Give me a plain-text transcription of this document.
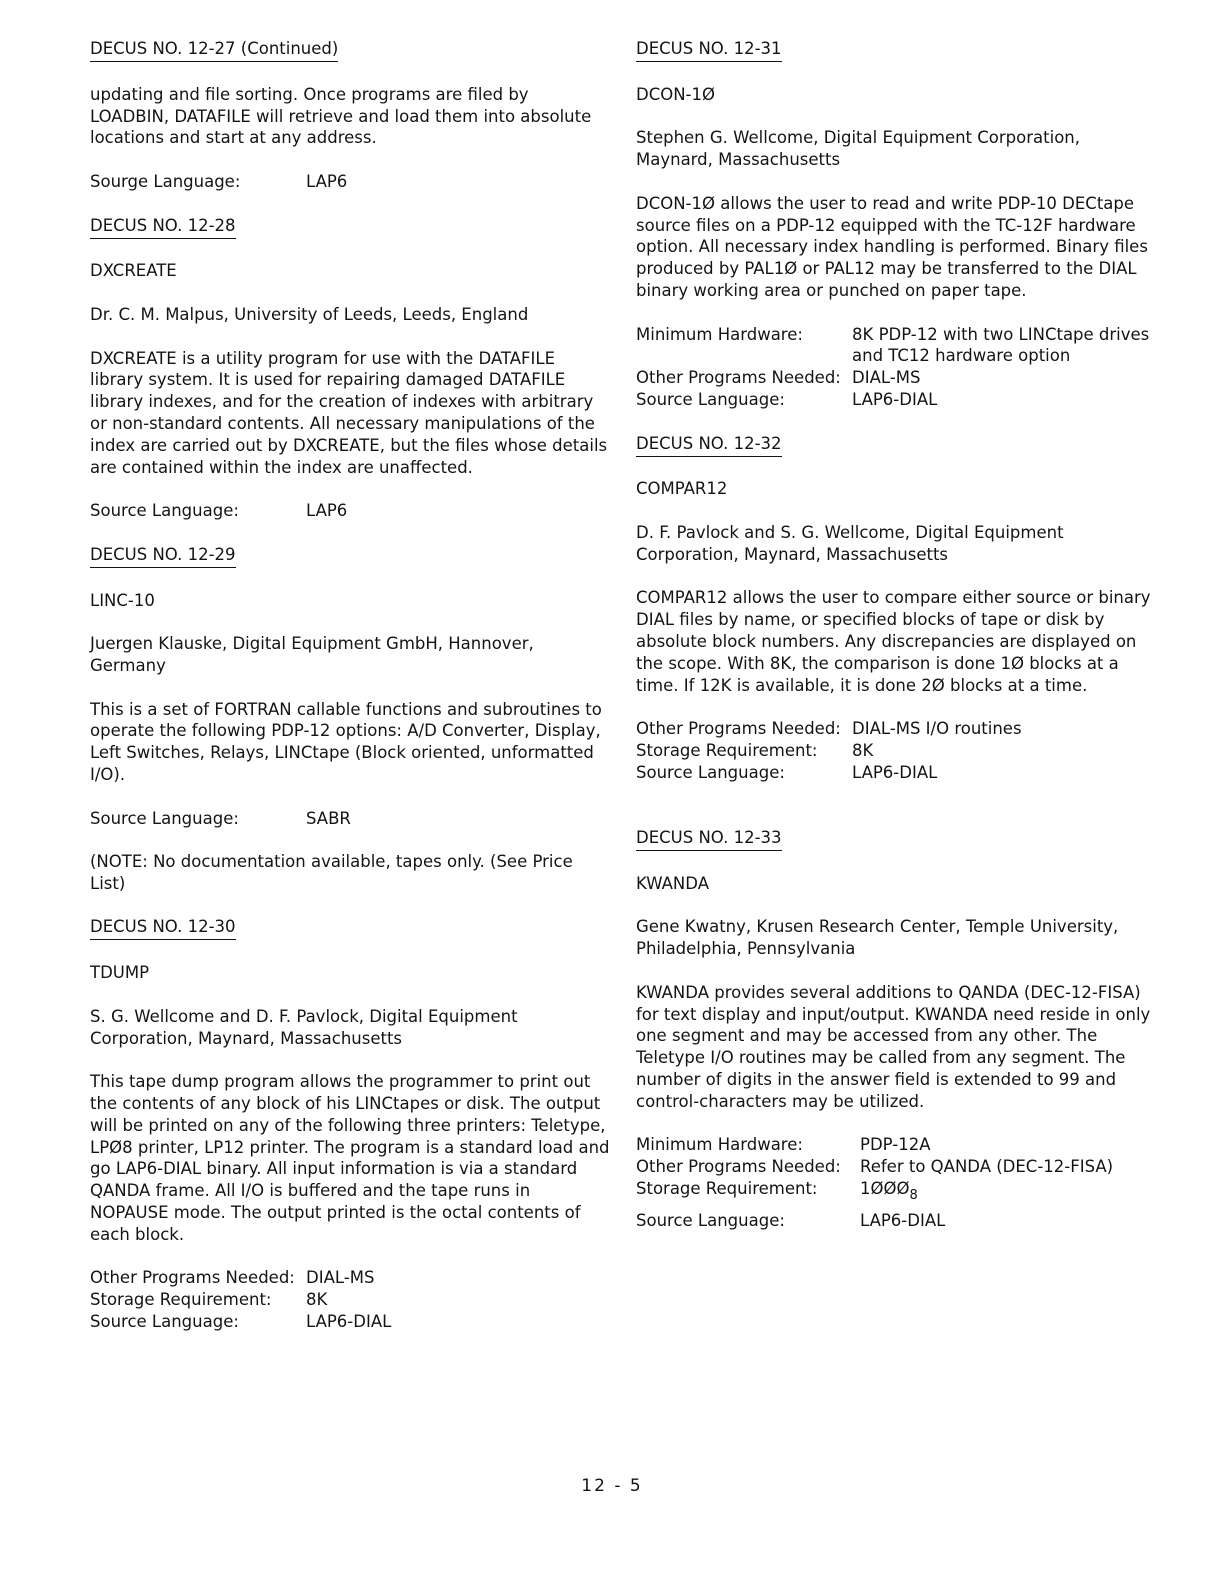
DECUS NO. 12-27 (Continued)

updating and file sorting. Once programs are filed by LOADBIN, DATAFILE will retrieve and load them into absolute locations and start at any address.

Sourge Language:	LAP6
DECUS NO. 12-28

DXCREATE

Dr. C. M. Malpus, University of Leeds, Leeds, England

DXCREATE is a utility program for use with the DATAFILE library system. It is used for repairing damaged DATAFILE library indexes, and for the creation of indexes with arbitrary or non-standard contents. All necessary manipulations of the index are carried out by DXCREATE, but the files whose details are contained within the index are unaffected.

Source Language:	LAP6
DECUS NO. 12-29

LINC-10

Juergen Klauske, Digital Equipment GmbH, Hannover, Germany

This is a set of FORTRAN callable functions and subroutines to operate the following PDP-12 options: A/D Converter, Display, Left Switches, Relays, LINCtape (Block oriented, unformatted I/O).

Source Language:	SABR

(NOTE: No documentation available, tapes only. (See Price List)

DECUS NO. 12-30

TDUMP

S. G. Wellcome and D. F. Pavlock, Digital Equipment Corporation, Maynard, Massachusetts

This tape dump program allows the programmer to print out the contents of any block of his LINCtapes or disk. The output will be printed on any of the following three printers: Teletype, LPØ8 printer, LP12 printer. The program is a standard load and go LAP6-DIAL binary. All input information is via a standard QANDA frame. All I/O is buffered and the tape runs in NOPAUSE mode. The output printed is the octal contents of each block.

Other Programs Needed: DIAL-MS
Storage Requirement:	8K
Source Language:	LAP6-DIAL
DECUS NO. 12-31

DCON-1Ø

Stephen G. Wellcome, Digital Equipment Corporation, Maynard, Massachusetts

DCON-1Ø allows the user to read and write PDP-10 DECtape source files on a PDP-12 equipped with the TC-12F hardware option. All necessary index handling is performed. Binary files produced by PAL1Ø or PAL12 may be transferred to the DIAL binary working area or punched on paper tape.

Minimum Hardware:	8K PDP-12 with two LINCtape drives and TC12 hardware option
Other Programs Needed: DIAL-MS
Source Language:	LAP6-DIAL
DECUS NO. 12-32

COMPAR12

D. F. Pavlock and S. G. Wellcome, Digital Equipment Corporation, Maynard, Massachusetts

COMPAR12 allows the user to compare either source or binary DIAL files by name, or specified blocks of tape or disk by absolute block numbers. Any discrepancies are displayed on the scope. With 8K, the comparison is done 1Ø blocks at a time. If 12K is available, it is done 2Ø blocks at a time.

Other Programs Needed: DIAL-MS I/O routines
Storage Requirement:	8K
Source Language:	LAP6-DIAL
DECUS NO. 12-33

KWANDA

Gene Kwatny, Krusen Research Center, Temple University, Philadelphia, Pennsylvania

KWANDA provides several additions to QANDA (DEC-12-FISA) for text display and input/output. KWANDA need reside in only one segment and may be accessed from any other. The Teletype I/O routines may be called from any segment. The number of digits in the answer field is extended to 99 and control-characters may be utilized.

Minimum Hardware:	PDP-12A
Other Programs Needed:	Refer to QANDA (DEC-12-FISA)
Storage Requirement:	$1ØØØ_8$
Source Language:	LAP6-DIAL
12 - 5
